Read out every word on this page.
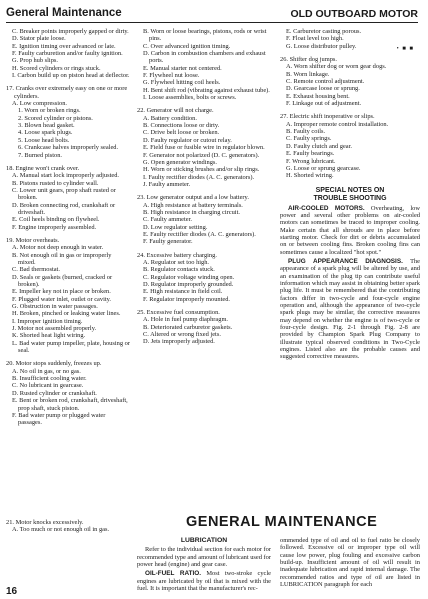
General Maintenance	OLD OUTBOARD MOTOR
• ■ ■
C. Breaker points improperly gapped or dirty.
D. Stator plate loose.
E. Ignition timing over advanced or late.
F. Faulty carburetion and/or faulty ignition.
G. Prop hub slips.
H. Scored cylinders or rings stuck.
I. Carbon build up on piston head at deflector.
17. Cranks over extremely easy on one or more cylinders.
A. Low compression.
1. Worn or broken rings.
2. Scored cylinder or pistons.
3. Blown head gasket.
4. Loose spark plugs.
5. Loose head bolts.
6. Crankcase halves improperly sealed.
7. Burned piston.
18. Engine won't crank over.
A. Manual start lock improperly adjusted.
B. Pistons rusted to cylinder wall.
C. Lower unit gears, prop shaft rusted or broken.
D. Broken connecting rod, crankshaft or driveshaft.
E. Coil heels binding on flywheel.
F. Engine improperly assembled.
19. Motor overheats.
A. Motor not deep enough in water.
B. Not enough oil in gas or improperly mixed.
C. Bad thermostat.
D. Seals or gaskets (burned, cracked or broken).
E. Impeller key not in place or broken.
F. Plugged water inlet, outlet or cavity.
G. Obstruction in water passages.
H. Broken, pinched or leaking water lines.
I. Improper ignition timing.
J. Motor not assembled properly.
K. Shorted heat light wiring.
L. Bad water pump impeller, plate, housing or seal.
20. Motor stops suddenly, freezes up.
A. No oil in gas, or no gas.
B. Insufficient cooling water.
C. No lubricant in gearcase.
D. Rusted cylinder or crankshaft.
E. Bent or broken rod, crankshaft, driveshaft, prop shaft, stuck piston.
F. Bad water pump or plugged water passages.
B. Worn or loose bearings, pistons, rods or wrist pins.
C. Over advanced ignition timing.
D. Carbon in combustion chambers and exhaust ports.
E. Manual starter not centered.
F. Flywheel nut loose.
G. Flywheel hitting coil heels.
H. Bent shift rod (vibrating against exhaust tube).
I. Loose assemblies, bolts or screws.
22. Generator will not charge.
A. Battery condition.
B. Connections loose or dirty.
C. Drive belt loose or broken.
D. Faulty regulator or cutout relay.
E. Field fuse or fusible wire in regulator blown.
F. Generator not polarized (D. C. generators).
G. Open generator windings.
H. Worn or sticking brushes and/or slip rings.
I. Faulty rectifier diodes (A. C. generators).
J. Faulty ammeter.
23. Low generator output and a low battery.
A. High resistance at battery terminals.
B. High resistance in charging circuit.
C. Faulty ammeter.
D. Low regulator setting.
E. Faulty rectifier diodes (A. C. generators).
F. Faulty generator.
24. Excessive battery charging.
A. Regulator set too high.
B. Regulator contacts stuck.
C. Regulator voltage winding open.
D. Regulator improperly grounded.
E. High resistance in field coil.
F. Regulator improperly mounted.
25. Excessive fuel consumption.
A. Hole in fuel pump diaphragm.
B. Deteriorated carburetor gaskets.
C. Altered or wrong fixed jets.
D. Jets improperly adjusted.
E. Carburetor casting porous.
F. Float level too high.
G. Loose distributor pulley.
26. Shifter dog jumps.
A. Worn shifter dog or worn gear dogs.
B. Worn linkage.
C. Remote control adjustment.
D. Gearcase loose or sprung.
E. Exhaust housing bent.
F. Linkage out of adjustment.
27. Electric shift inoperative or slips.
A. Improper remote control installation.
B. Faulty coils.
C. Faulty springs.
D. Faulty clutch and gear.
E. Faulty bearings.
F. Wrong lubricant.
G. Loose or sprung gearcase.
H. Shorted wiring.
SPECIAL NOTES ON
TROUBLE SHOOTING
AIR-COOLED MOTORS. Overheating, low power and several other problems on air-cooled motors can sometimes be traced to improper cooling. Make certain that all shrouds are in place before starting motor. Check for dirt or debris accumulated on or between cooling fins. Broken cooling fins can sometimes cause a localized "hot spot."
PLUG APPEARANCE DIAGNOSIS. The appearance of a spark plug will be altered by use, and an examination of the plug tip can contribute useful information which may assist in obtaining better spark plug life. It must be remembered that the contributing factors differ in two-cycle and four-cycle engine operation and, although the appearance of two-cycle spark plugs may be similar, the corrective measures may depend on whether the engine is of two-cycle or four-cycle design. Fig. 2-1 through Fig. 2-8 are provided by Champion Spark Plug Company to illustrate typical observed conditions in Two-Cycle engines. Listed also are the probable causes and suggested corrective measures.
21. Motor knocks excessively.
A. Too much or not enough oil in gas.	GENERAL MAINTENANCE
LUBRICATION
Refer to the individual section for each motor for recommended type and amount of lubricant used for power head (engine) and gear case.
OIL-FUEL RATIO. Most two-stroke cycle engines are lubricated by oil that is mixed with the fuel. It is important that the manufacturer's rec-
ommended type of oil and oil to fuel ratio be closely followed. Excessive oil or improper type oil will cause low power, plug fouling and excessive carbon build-up. Insufficient amount of oil will result in inadequate lubrication and rapid internal damage. The recommended ratios and type of oil are listed in LUBRICATION paragraph for each
16
